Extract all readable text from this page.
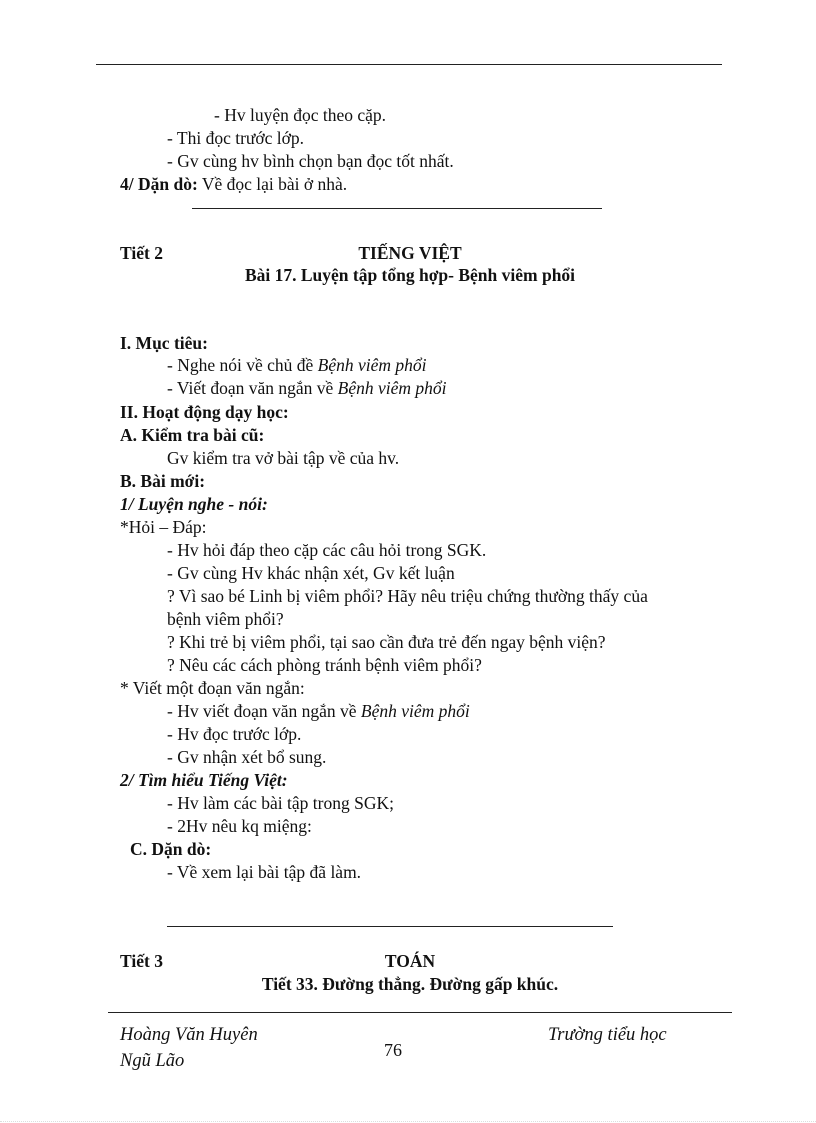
- Hv luyện đọc theo cặp.
- Thi đọc trước lớp.
- Gv cùng hv bình chọn bạn đọc tốt nhất.
4/ Dặn dò: Về đọc lại bài ở nhà.
Tiết 2	TIẾNG VIỆT
Bài 17. Luyện tập tổng hợp- Bệnh viêm phổi
I. Mục tiêu:
- Nghe nói về chủ đề Bệnh viêm phổi
- Viết đoạn văn ngắn về Bệnh viêm phổi
II. Hoạt động dạy học:
A. Kiểm tra bài cũ:
Gv kiểm tra vở bài tập về của hv.
B. Bài mới:
1/ Luyện nghe - nói:
*Hỏi – Đáp:
- Hv hỏi đáp theo cặp các câu hỏi trong SGK.
- Gv cùng Hv khác nhận xét, Gv kết luận
? Vì sao bé Linh bị viêm phổi? Hãy nêu triệu chứng thường thấy của
bệnh viêm phổi?
? Khi trẻ bị viêm phổi, tại sao cần đưa trẻ đến ngay bệnh viện?
? Nêu các cách phòng tránh bệnh viêm phổi?
* Viết một đoạn văn ngắn:
- Hv viết đoạn văn ngắn về Bệnh viêm phổi
- Hv đọc trước lớp.
- Gv nhận xét bổ sung.
2/ Tìm hiểu Tiếng Việt:
- Hv làm các bài tập trong SGK;
- 2Hv nêu kq miệng:
C. Dặn dò:
- Về xem lại bài tập đã làm.
Tiết 3	TOÁN
Tiết 33. Đường thẳng. Đường gấp khúc.
Hoàng Văn Huyên
Ngũ Lão
76
Trường tiểu học
